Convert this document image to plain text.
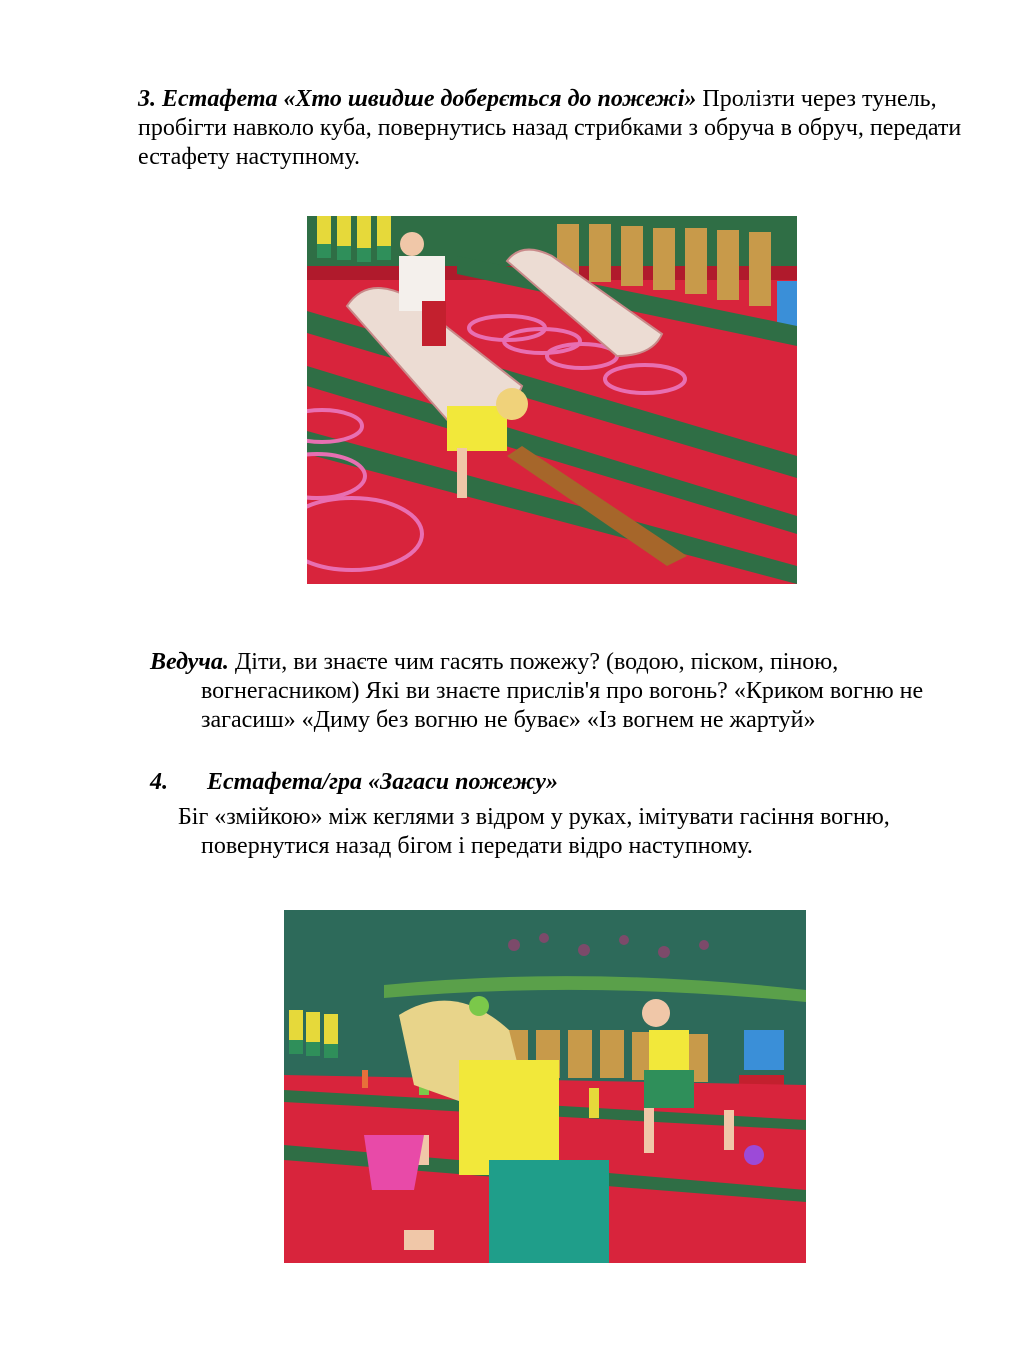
3. Естафета «Хто швидше доберється до пожежі» Пролізти через тунель, пробігти навколо куба, повернутись назад стрибками з обруча в обруч, передати естафету наступному.

Ведуча. Діти, ви знаєте чим гасять пожежу? (водою, піском, піною, вогнегасником) Які ви знаєте прислів'я про вогонь? «Криком вогню не загасиш» «Диму без вогню не буває» «Із вогнем не жартуй»

4. Естафета/гра «Загаси пожежу»

Біг «змійкою» між кеглями з відром у руках, імітувати гасіння вогню, повернутися назад бігом і передати відро наступному.
